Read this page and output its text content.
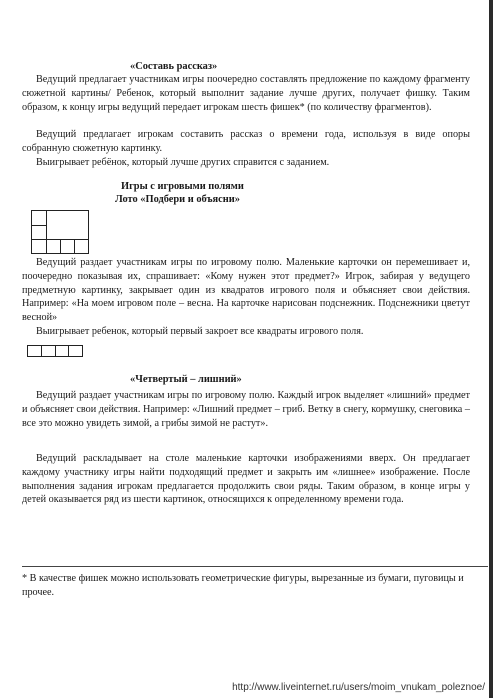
«Составь рассказ»
Ведущий предлагает участникам игры поочередно составлять предложение по каждому фрагменту сюжетной картины/ Ребенок, который выполнит задание лучше других, получает фишку. Таким образом, к концу игры ведущий передает игрокам шесть фишек* (по количеству фрагментов).
Ведущий предлагает игрокам составить рассказ о времени года, используя в виде опоры собранную сюжетную картинку.
Выигрывает ребёнок, который лучше других справится с заданием.
Игры с игровыми полями
Лото «Подбери и объясни»
Ведущий раздает участникам игры по игровому полю. Маленькие карточки он перемешивает и, поочередно показывая их, спрашивает: «Кому нужен этот предмет?» Игрок, забирая у ведущего предметную картинку, закрывает один из квадратов игрового поля и объясняет свои действия. Например: «На моем игровом поле – весна. На карточке нарисован подснежник. Подснежники цветут весной»
Выигрывает ребенок, который первый закроет все квадраты игрового поля.
«Четвертый – лишний»
Ведущий раздает участникам игры по игровому полю. Каждый игрок выделяет «лишний» предмет и объясняет свои действия. Например: «Лишний предмет – гриб. Ветку в снегу, кормушку, снеговика – все это можно увидеть зимой, а грибы зимой не растут».
Ведущий раскладывает на столе маленькие карточки изображениями вверх. Он предлагает каждому участнику игры найти подходящий предмет и закрыть им «лишнее» изображение. После выполнения задания игрокам предлагается продолжить свои ряды. Таким образом, в конце игры у детей оказывается ряд из шести картинок, относящихся к определенному времени года.
* В качестве фишек можно использовать геометрические фигуры, вырезанные из бумаги, пуговицы и прочее.
http://www.liveinternet.ru/users/moim_vnukam_poleznoe/
